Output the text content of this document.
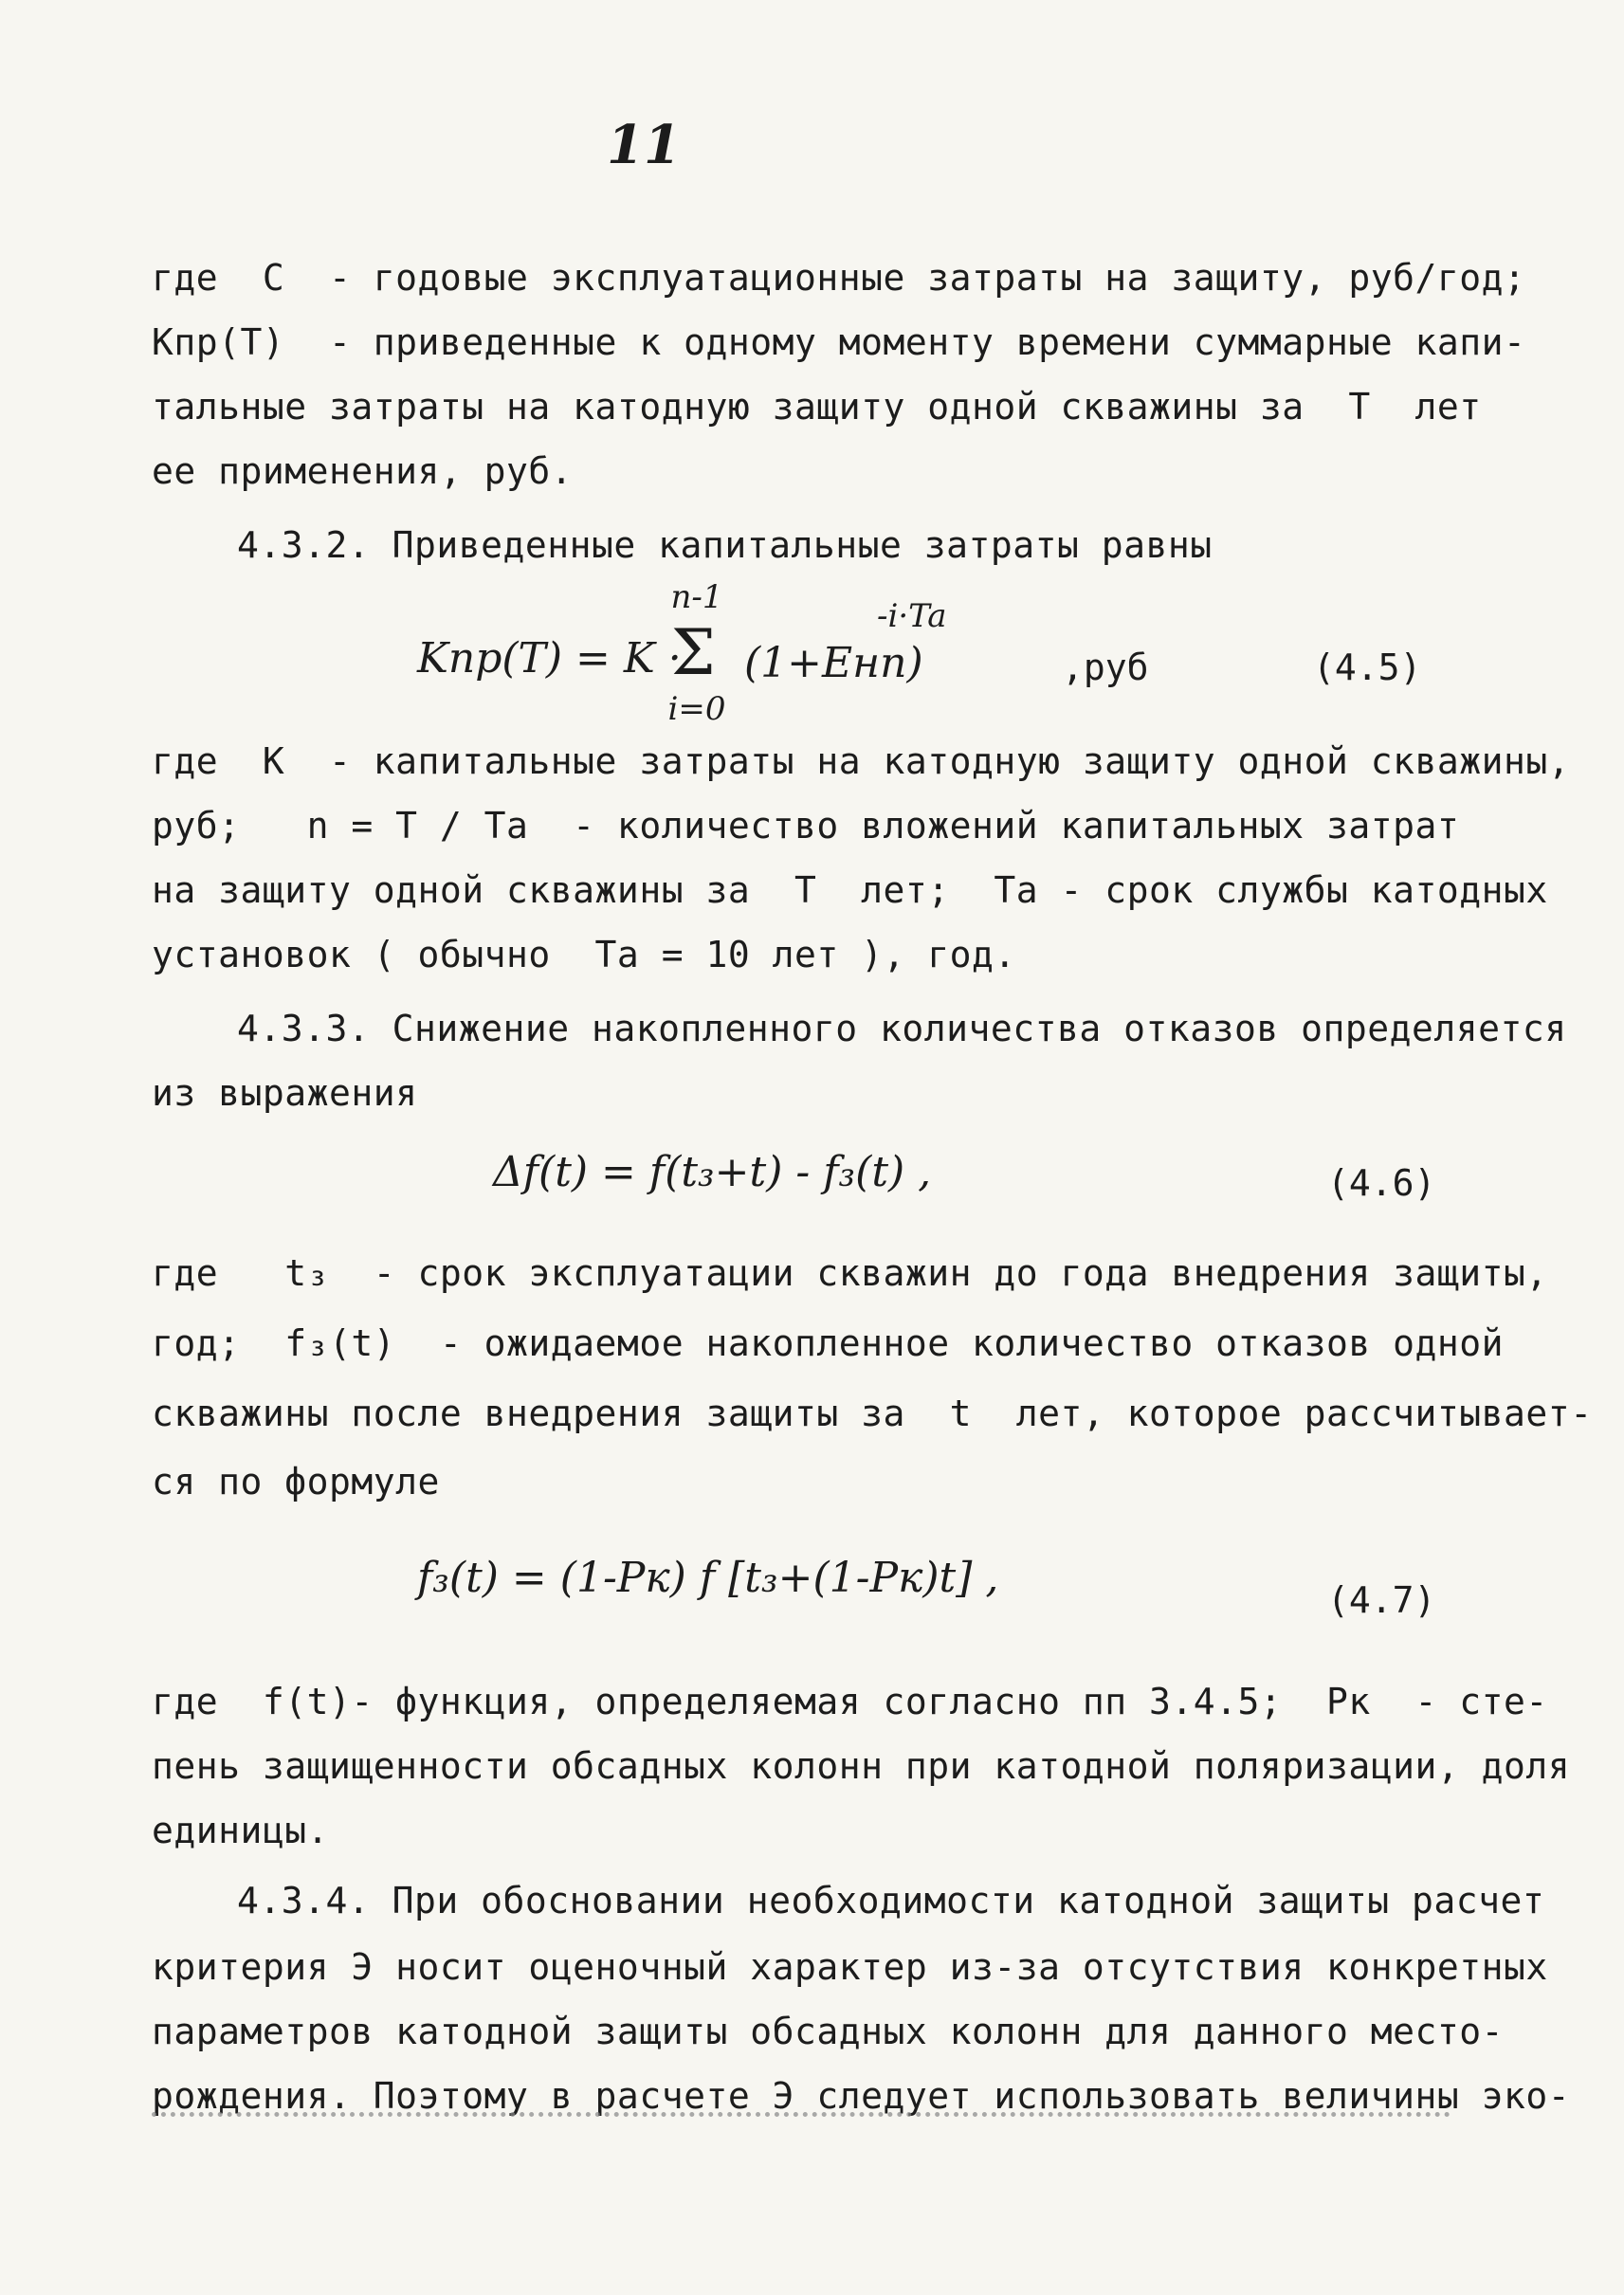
11
где  C  - годовые эксплуатационные затраты на защиту, руб/год;
Kпр(T)  - приведенные к одному моменту времени суммарные капи-
тальные затраты на катодную защиту одной скважины за  T  лет
ее применения, руб.
4.3.2. Приведенные капитальные затраты равны
Kпр(T) = K ·
n-1
Σ
i=0
(1+Eнп)
-i·Ta
,руб	(4.5)
где  K  - капитальные затраты на катодную защиту одной скважины,
руб;   n = T / Ta  - количество вложений капитальных затрат
на защиту одной скважины за  T  лет;  Ta - срок службы катодных
установок ( обычно  Ta = 10 лет ), год.
4.3.3. Снижение накопленного количества отказов определяется
из выражения
Δf(t) = f(t₃+t) - f₃(t) ,	(4.6)
где   t₃  - срок эксплуатации скважин до года внедрения защиты,
год;  f₃(t)  - ожидаемое накопленное количество отказов одной
скважины после внедрения защиты за  t  лет, которое рассчитывает-
ся по формуле
f₃(t) = (1-Pк) f [t₃+(1-Pк)t] ,	(4.7)
где  f(t)- функция, определяемая согласно пп 3.4.5;  Pк  - сте-
пень защищенности обсадных колонн при катодной поляризации, доля
единицы.
4.3.4. При обосновании необходимости катодной защиты расчет
критерия Э носит оценочный характер из-за отсутствия конкретных
параметров катодной защиты обсадных колонн для данного место-
рождения. Поэтому в расчете Э следует использовать величины эко-
